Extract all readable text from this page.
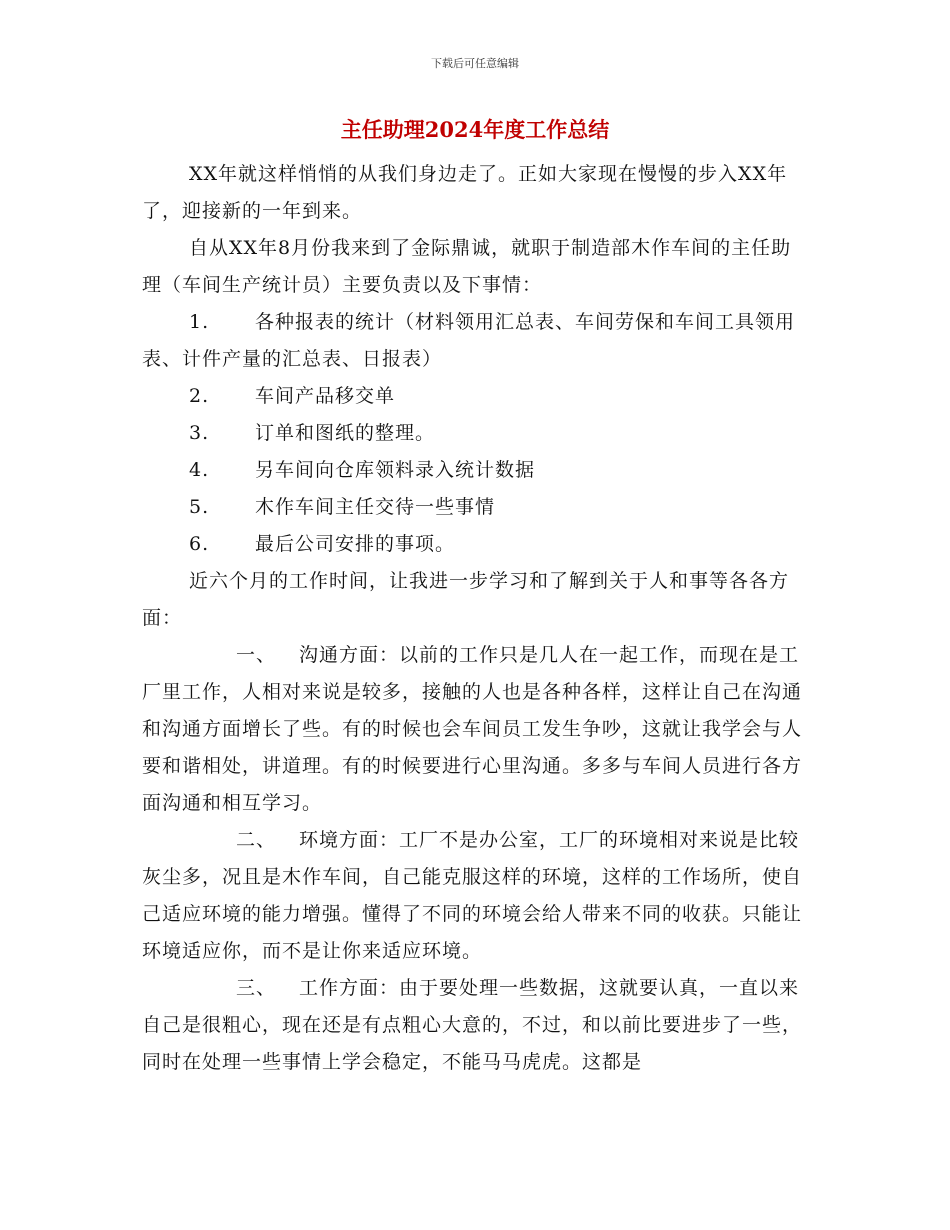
下载后可任意编辑
主任助理2024年度工作总结

XX年就这样悄悄的从我们身边走了。正如大家现在慢慢的步入XX年了，迎接新的一年到来。

自从XX年8月份我来到了金际鼎诚，就职于制造部木作车间的主任助理（车间生产统计员）主要负责以及下事情：

1. 各种报表的统计（材料领用汇总表、车间劳保和车间工具领用表、计件产量的汇总表、日报表）

2. 车间产品移交单

3. 订单和图纸的整理。

4. 另车间向仓库领料录入统计数据

5. 木作车间主任交待一些事情

6. 最后公司安排的事项。

近六个月的工作时间，让我进一步学习和了解到关于人和事等各各方面：

一、 沟通方面：以前的工作只是几人在一起工作，而现在是工厂里工作，人相对来说是较多，接触的人也是各种各样，这样让自己在沟通和沟通方面增长了些。有的时候也会车间员工发生争吵，这就让我学会与人要和谐相处，讲道理。有的时候要进行心里沟通。多多与车间人员进行各方面沟通和相互学习。

二、 环境方面：工厂不是办公室，工厂的环境相对来说是比较灰尘多，况且是木作车间，自己能克服这样的环境，这样的工作场所，使自己适应环境的能力增强。懂得了不同的环境会给人带来不同的收获。只能让环境适应你，而不是让你来适应环境。

三、 工作方面：由于要处理一些数据，这就要认真，一直以来自己是很粗心，现在还是有点粗心大意的，不过，和以前比要进步了一些，同时在处理一些事情上学会稳定，不能马马虎虎。这都是
